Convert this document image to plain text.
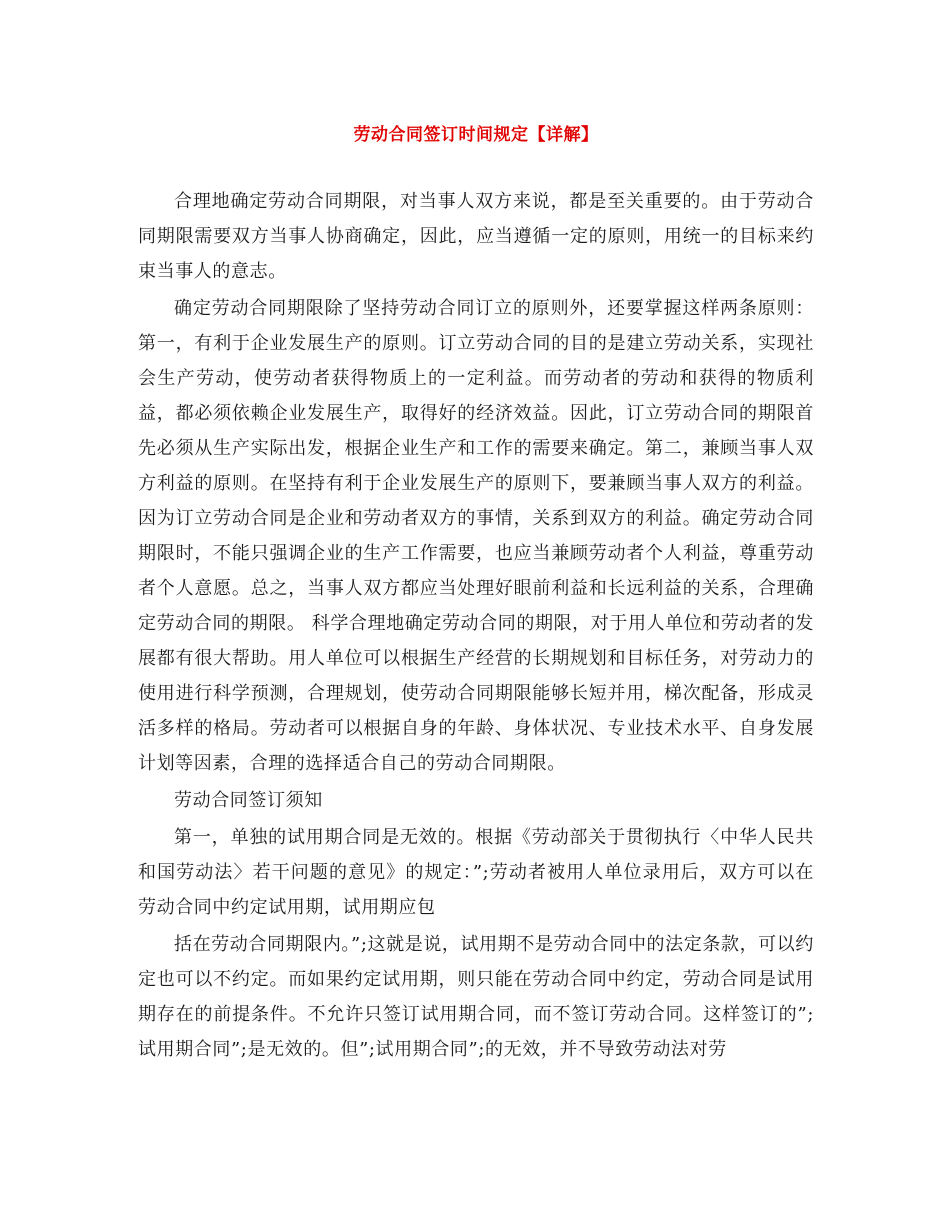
劳动合同签订时间规定【详解】

合理地确定劳动合同期限，对当事人双方来说，都是至关重要的。由于劳动合同期限需要双方当事人协商确定，因此，应当遵循一定的原则，用统一的目标来约束当事人的意志。

确定劳动合同期限除了坚持劳动合同订立的原则外，还要掌握这样两条原则：第一，有利于企业发展生产的原则。订立劳动合同的目的是建立劳动关系，实现社会生产劳动，使劳动者获得物质上的一定利益。而劳动者的劳动和获得的物质利益，都必须依赖企业发展生产，取得好的经济效益。因此，订立劳动合同的期限首先必须从生产实际出发，根据企业生产和工作的需要来确定。第二，兼顾当事人双方利益的原则。在坚持有利于企业发展生产的原则下，要兼顾当事人双方的利益。因为订立劳动合同是企业和劳动者双方的事情，关系到双方的利益。确定劳动合同期限时，不能只强调企业的生产工作需要，也应当兼顾劳动者个人利益，尊重劳动者个人意愿。总之，当事人双方都应当处理好眼前利益和长远利益的关系，合理确定劳动合同的期限。 科学合理地确定劳动合同的期限，对于用人单位和劳动者的发展都有很大帮助。用人单位可以根据生产经营的长期规划和目标任务，对劳动力的使用进行科学预测，合理规划，使劳动合同期限能够长短并用，梯次配备，形成灵活多样的格局。劳动者可以根据自身的年龄、身体状况、专业技术水平、自身发展计划等因素，合理的选择适合自己的劳动合同期限。

劳动合同签订须知

第一，单独的试用期合同是无效的。根据《劳动部关于贯彻执行〈中华人民共和国劳动法〉若干问题的意见》的规定：”;劳动者被用人单位录用后，双方可以在劳动合同中约定试用期，试用期应包

括在劳动合同期限内。”;这就是说，试用期不是劳动合同中的法定条款，可以约定也可以不约定。而如果约定试用期，则只能在劳动合同中约定，劳动合同是试用期存在的前提条件。不允许只签订试用期合同，而不签订劳动合同。这样签订的”;试用期合同”;是无效的。但”;试用期合同”;的无效，并不导致劳动法对劳
